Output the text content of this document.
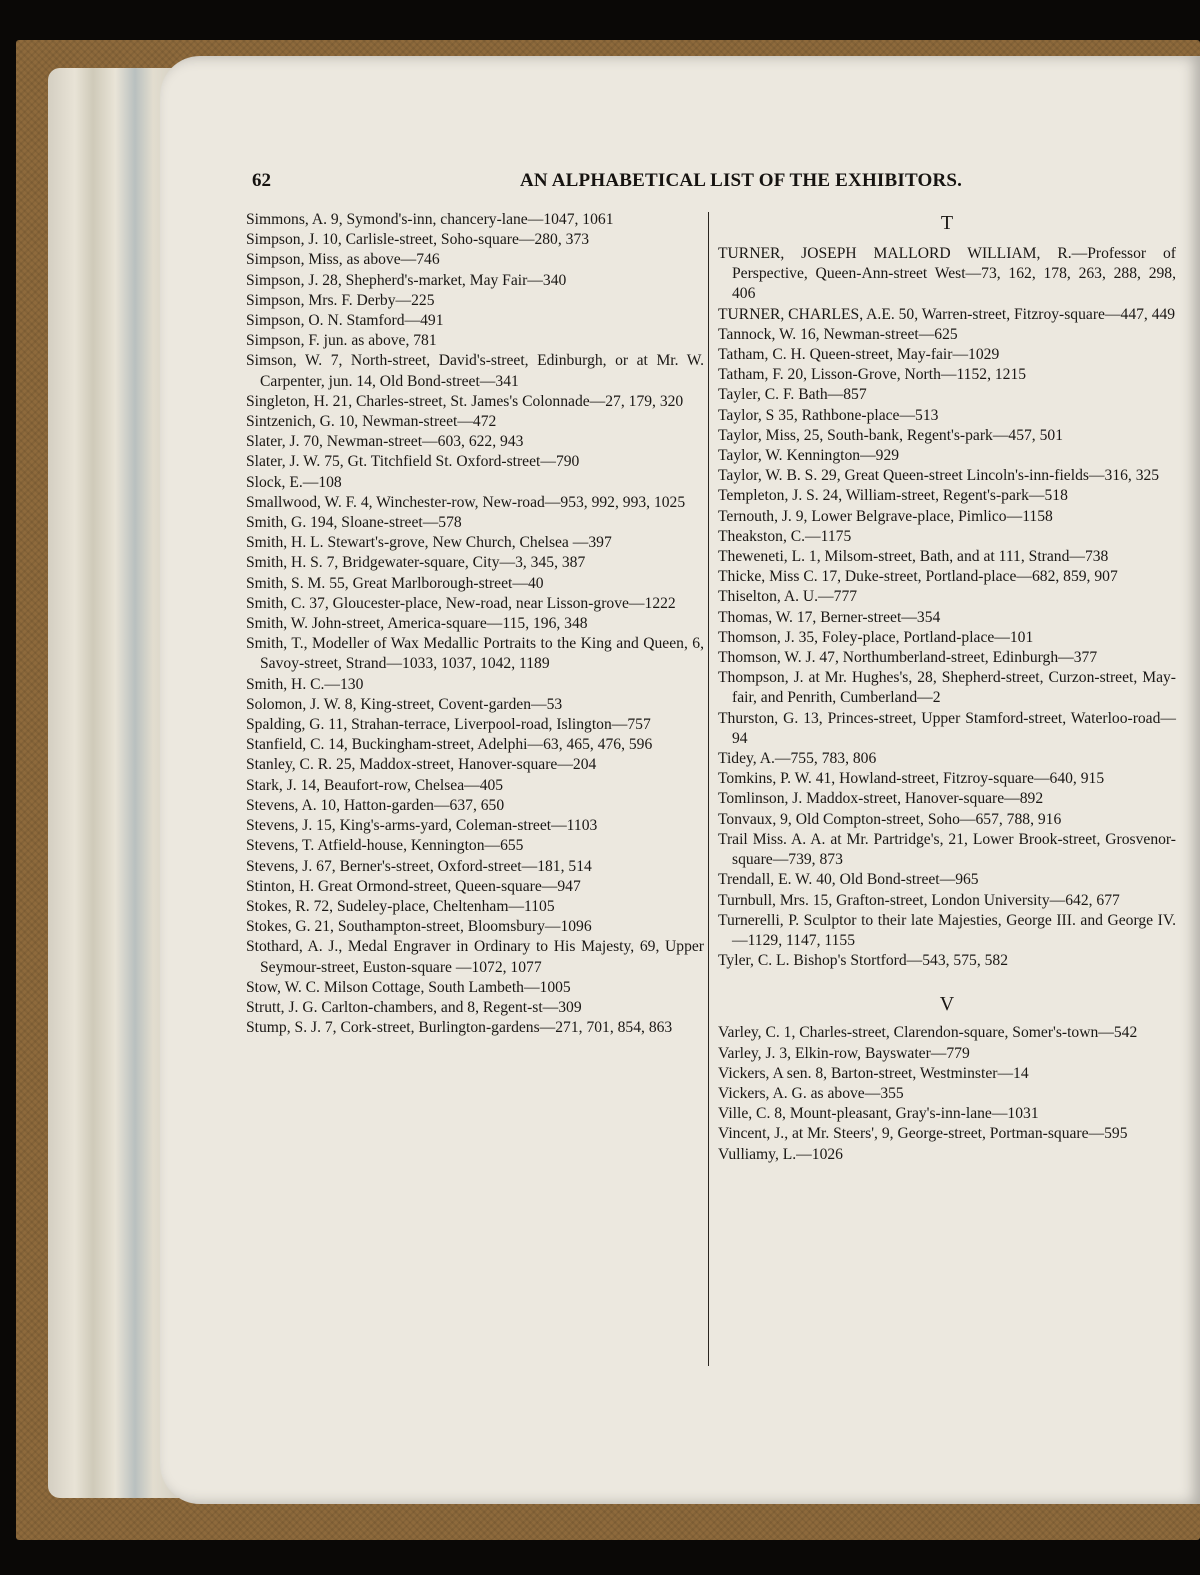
62	AN ALPHABETICAL LIST OF THE EXHIBITORS.
Simmons, A. 9, Symond's-inn, chancery-lane—1047, 1061
Simpson, J. 10, Carlisle-street, Soho-square—280, 373
Simpson, Miss, as above—746
Simpson, J. 28, Shepherd's-market, May Fair—340
Simpson, Mrs. F. Derby—225
Simpson, O. N. Stamford—491
Simpson, F. jun. as above, 781
Simson, W. 7, North-street, David's-street, Edinburgh, or at Mr. W. Carpenter, jun. 14, Old Bond-street—341
Singleton, H. 21, Charles-street, St. James's Colonnade—27, 179, 320
Sintzenich, G. 10, Newman-street—472
Slater, J. 70, Newman-street—603, 622, 943
Slater, J. W. 75, Gt. Titchfield St. Oxford-street—790
Slock, E.—108
Smallwood, W. F. 4, Winchester-row, New-road—953, 992, 993, 1025
Smith, G. 194, Sloane-street—578
Smith, H. L. Stewart's-grove, New Church, Chelsea —397
Smith, H. S. 7, Bridgewater-square, City—3, 345, 387
Smith, S. M. 55, Great Marlborough-street—40
Smith, C. 37, Gloucester-place, New-road, near Lisson-grove—1222
Smith, W. John-street, America-square—115, 196, 348
Smith, T., Modeller of Wax Medallic Portraits to the King and Queen, 6, Savoy-street, Strand—1033, 1037, 1042, 1189
Smith, H. C.—130
Solomon, J. W. 8, King-street, Covent-garden—53
Spalding, G. 11, Strahan-terrace, Liverpool-road, Islington—757
Stanfield, C. 14, Buckingham-street, Adelphi—63, 465, 476, 596
Stanley, C. R. 25, Maddox-street, Hanover-square—204
Stark, J. 14, Beaufort-row, Chelsea—405
Stevens, A. 10, Hatton-garden—637, 650
Stevens, J. 15, King's-arms-yard, Coleman-street—1103
Stevens, T. Atfield-house, Kennington—655
Stevens, J. 67, Berner's-street, Oxford-street—181, 514
Stinton, H. Great Ormond-street, Queen-square—947
Stokes, R. 72, Sudeley-place, Cheltenham—1105
Stokes, G. 21, Southampton-street, Bloomsbury—1096
Stothard, A. J., Medal Engraver in Ordinary to His Majesty, 69, Upper Seymour-street, Euston-square —1072, 1077
Stow, W. C. Milson Cottage, South Lambeth—1005
Strutt, J. G. Carlton-chambers, and 8, Regent-st—309
Stump, S. J. 7, Cork-street, Burlington-gardens—271, 701, 854, 863
T
TURNER, JOSEPH MALLORD WILLIAM, R.—Professor of Perspective, Queen-Ann-street West—73, 162, 178, 263, 288, 298, 406
TURNER, CHARLES, A.E. 50, Warren-street, Fitzroy-square—447, 449
Tannock, W. 16, Newman-street—625
Tatham, C. H. Queen-street, May-fair—1029
Tatham, F. 20, Lisson-Grove, North—1152, 1215
Tayler, C. F. Bath—857
Taylor, S 35, Rathbone-place—513
Taylor, Miss, 25, South-bank, Regent's-park—457, 501
Taylor, W. Kennington—929
Taylor, W. B. S. 29, Great Queen-street Lincoln's-inn-fields—316, 325
Templeton, J. S. 24, William-street, Regent's-park—518
Ternouth, J. 9, Lower Belgrave-place, Pimlico—1158
Theakston, C.—1175
Theweneti, L. 1, Milsom-street, Bath, and at 111, Strand—738
Thicke, Miss C. 17, Duke-street, Portland-place—682, 859, 907
Thiselton, A. U.—777
Thomas, W. 17, Berner-street—354
Thomson, J. 35, Foley-place, Portland-place—101
Thomson, W. J. 47, Northumberland-street, Edinburgh—377
Thompson, J. at Mr. Hughes's, 28, Shepherd-street, Curzon-street, May-fair, and Penrith, Cumberland—2
Thurston, G. 13, Princes-street, Upper Stamford-street, Waterloo-road—94
Tidey, A.—755, 783, 806
Tomkins, P. W. 41, Howland-street, Fitzroy-square—640, 915
Tomlinson, J. Maddox-street, Hanover-square—892
Tonvaux, 9, Old Compton-street, Soho—657, 788, 916
Trail Miss. A. A. at Mr. Partridge's, 21, Lower Brook-street, Grosvenor-square—739, 873
Trendall, E. W. 40, Old Bond-street—965
Turnbull, Mrs. 15, Grafton-street, London University—642, 677
Turnerelli, P. Sculptor to their late Majesties, George III. and George IV.—1129, 1147, 1155
Tyler, C. L. Bishop's Stortford—543, 575, 582
V
Varley, C. 1, Charles-street, Clarendon-square, Somer's-town—542
Varley, J. 3, Elkin-row, Bayswater—779
Vickers, A sen. 8, Barton-street, Westminster—14
Vickers, A. G. as above—355
Ville, C. 8, Mount-pleasant, Gray's-inn-lane—1031
Vincent, J., at Mr. Steers', 9, George-street, Portman-square—595
Vulliamy, L.—1026
